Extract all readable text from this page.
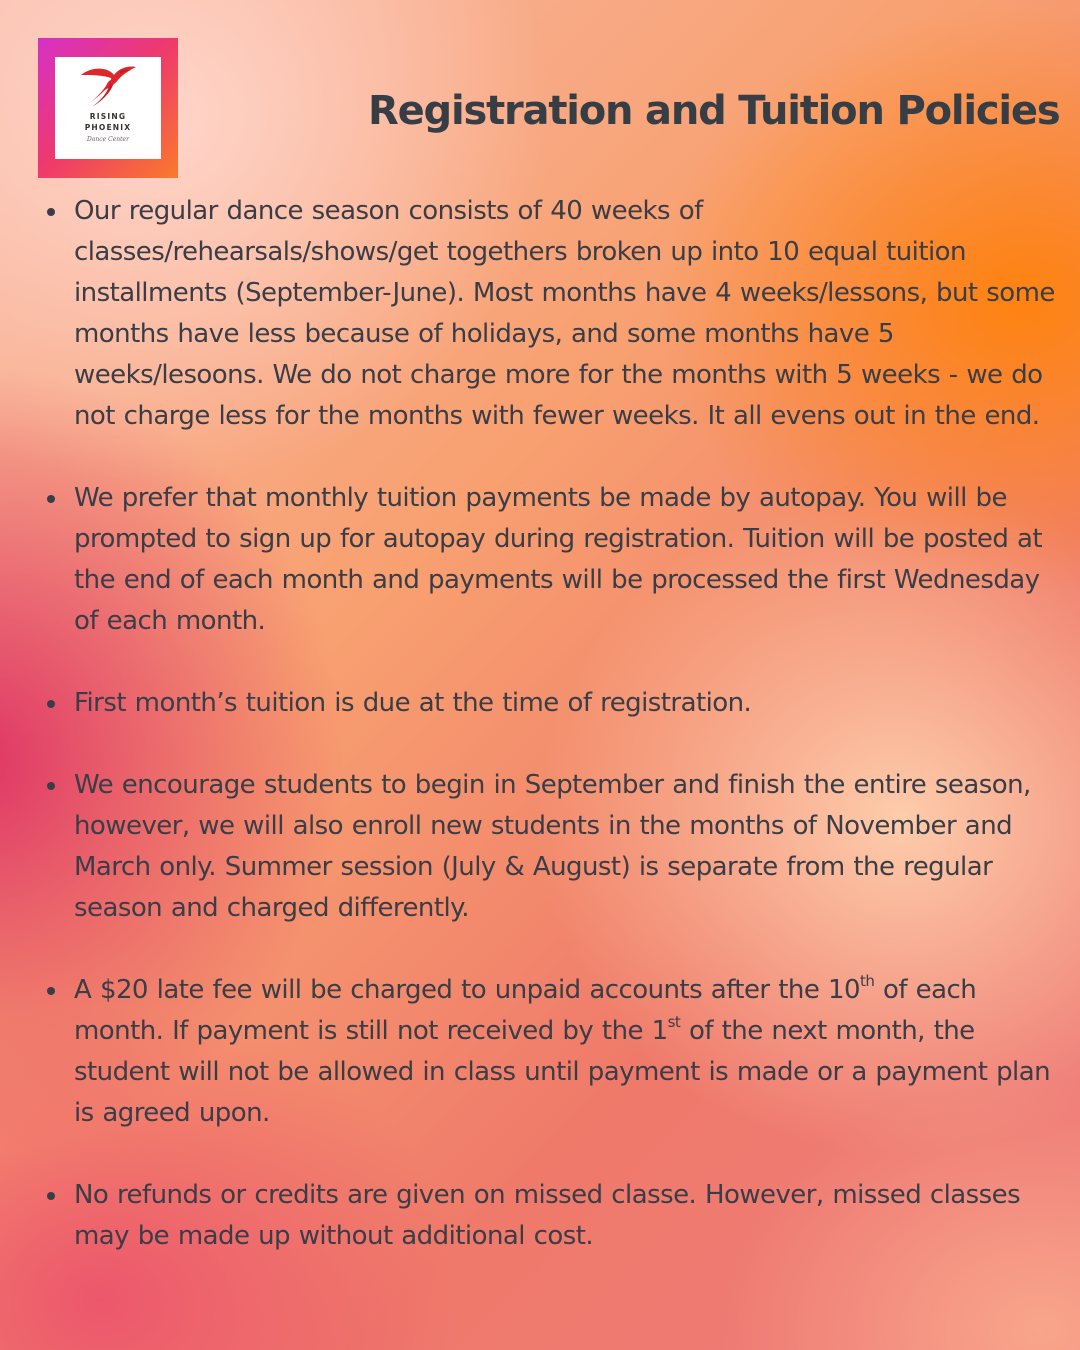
RISING
PHOENIX
Dance Center
Registration and Tuition Policies
Our regular dance season consists of 40 weeks of classes/rehearsals/shows/get togethers broken up into 10 equal tuition installments (September-June). Most months have 4 weeks/lessons, but some months have less because of holidays, and some months have 5 weeks/lesoons. We do not charge more for the months with 5 weeks - we do not charge less for the months with fewer weeks. It all evens out in the end.
We prefer that monthly tuition payments be made by autopay. You will be prompted to sign up for autopay during registration. Tuition will be posted at the end of each month and payments will be processed the first Wednesday of each month.
First month’s tuition is due at the time of registration.
We encourage students to begin in September and finish the entire season, however, we will also enroll new students in the months of November and March only. Summer session (July & August) is separate from the regular season and charged differently.
A $20 late fee will be charged to unpaid accounts after the 10th of each month. If payment is still not received by the 1st of the next month, the student will not be allowed in class until payment is made or a payment plan is agreed upon.
No refunds or credits are given on missed classe. However, missed classes may be made up without additional cost.
